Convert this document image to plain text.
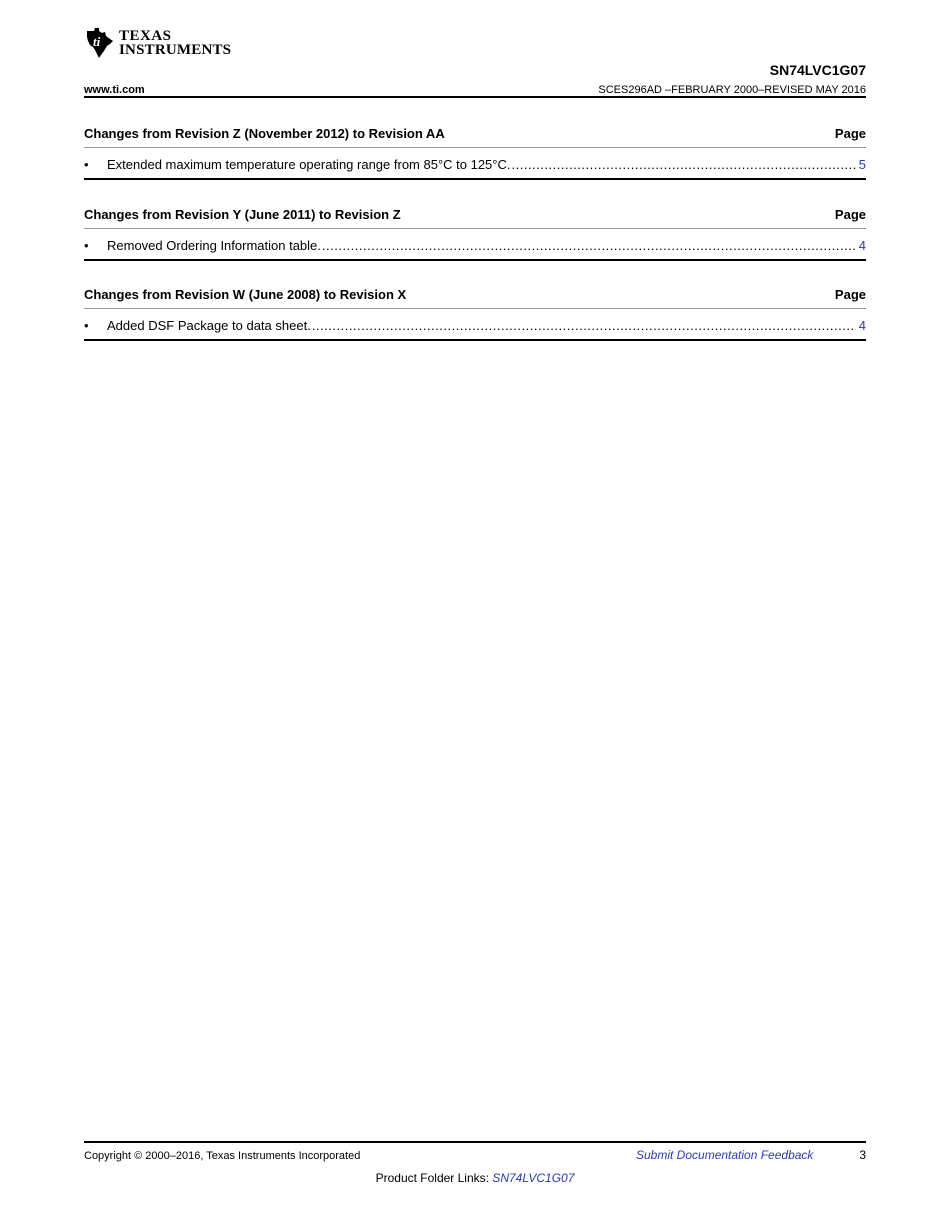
ti TEXAS
INSTRUMENTS
SN74LVC1G07
www.ti.com	SCES296AD –FEBRUARY 2000–REVISED MAY 2016
Changes from Revision Z (November 2012) to Revision AA	Page
•	Extended maximum temperature operating range from 85°C to 125°C. .....	5
Changes from Revision Y (June 2011) to Revision Z	Page
•	Removed Ordering Information table. .....	4
Changes from Revision W (June 2008) to Revision X	Page
•	Added DSF Package to data sheet. .....	4
Copyright © 2000–2016, Texas Instruments Incorporated	Submit Documentation Feedback	3
Product Folder Links: SN74LVC1G07
